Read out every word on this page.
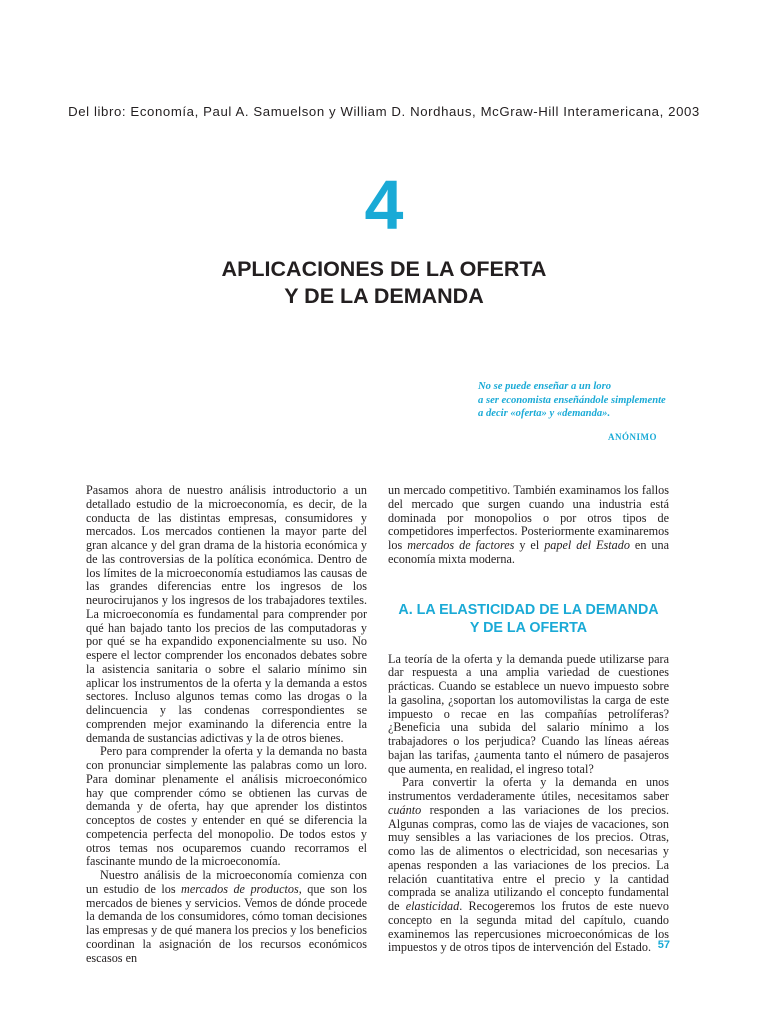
Del libro: Economía, Paul A. Samuelson y William D. Nordhaus, McGraw-Hill Interamericana, 2003
4
APLICACIONES DE LA OFERTA
Y DE LA DEMANDA
No se puede enseñar a un loro
a ser economista enseñándole simplemente
a decir «oferta» y «demanda».
ANÓNIMO

Pasamos ahora de nuestro análisis introductorio a un detallado estudio de la microeconomía, es decir, de la conducta de las distintas empresas, consumidores y mercados. Los mercados contienen la mayor parte del gran alcance y del gran drama de la historia económica y de las controversias de la política económica. Dentro de los límites de la microeconomía estudiamos las causas de las grandes diferencias entre los ingresos de los neurocirujanos y los ingresos de los trabajadores textiles. La microeconomía es fundamental para comprender por qué han bajado tanto los precios de las computadoras y por qué se ha expandido exponencialmente su uso. No espere el lector comprender los enconados debates sobre la asistencia sanitaria o sobre el salario mínimo sin aplicar los instrumentos de la oferta y la demanda a estos sectores. Incluso algunos temas como las drogas o la delincuencia y las condenas correspondientes se comprenden mejor examinando la diferencia entre la demanda de sustancias adictivas y la de otros bienes.

Pero para comprender la oferta y la demanda no basta con pronunciar simplemente las palabras como un loro. Para dominar plenamente el análisis microeconómico hay que comprender cómo se obtienen las curvas de demanda y de oferta, hay que aprender los distintos conceptos de costes y entender en qué se diferencia la competencia perfecta del monopolio. De todos estos y otros temas nos ocuparemos cuando recorramos el fascinante mundo de la microeconomía.

Nuestro análisis de la microeconomía comienza con un estudio de los mercados de productos, que son los mercados de bienes y servicios. Vemos de dónde procede la demanda de los consumidores, cómo toman decisiones las empresas y de qué manera los precios y los beneficios coordinan la asignación de los recursos económicos escasos en

un mercado competitivo. También examinamos los fallos del mercado que surgen cuando una industria está dominada por monopolios o por otros tipos de competidores imperfectos. Posteriormente examinaremos los mercados de factores y el papel del Estado en una economía mixta moderna.

A. LA ELASTICIDAD DE LA DEMANDA
Y DE LA OFERTA

La teoría de la oferta y la demanda puede utilizarse para dar respuesta a una amplia variedad de cuestiones prácticas. Cuando se establece un nuevo impuesto sobre la gasolina, ¿soportan los automovilistas la carga de este impuesto o recae en las compañías petrolíferas? ¿Beneficia una subida del salario mínimo a los trabajadores o los perjudica? Cuando las líneas aéreas bajan las tarifas, ¿aumenta tanto el número de pasajeros que aumenta, en realidad, el ingreso total?

Para convertir la oferta y la demanda en unos instrumentos verdaderamente útiles, necesitamos saber cuánto responden a las variaciones de los precios. Algunas compras, como las de viajes de vacaciones, son muy sensibles a las variaciones de los precios. Otras, como las de alimentos o electricidad, son necesarias y apenas responden a las variaciones de los precios. La relación cuantitativa entre el precio y la cantidad comprada se analiza utilizando el concepto fundamental de elasticidad. Recogeremos los frutos de este nuevo concepto en la segunda mitad del capítulo, cuando examinemos las repercusiones microeconómicas de los impuestos y de otros tipos de intervención del Estado. 57
